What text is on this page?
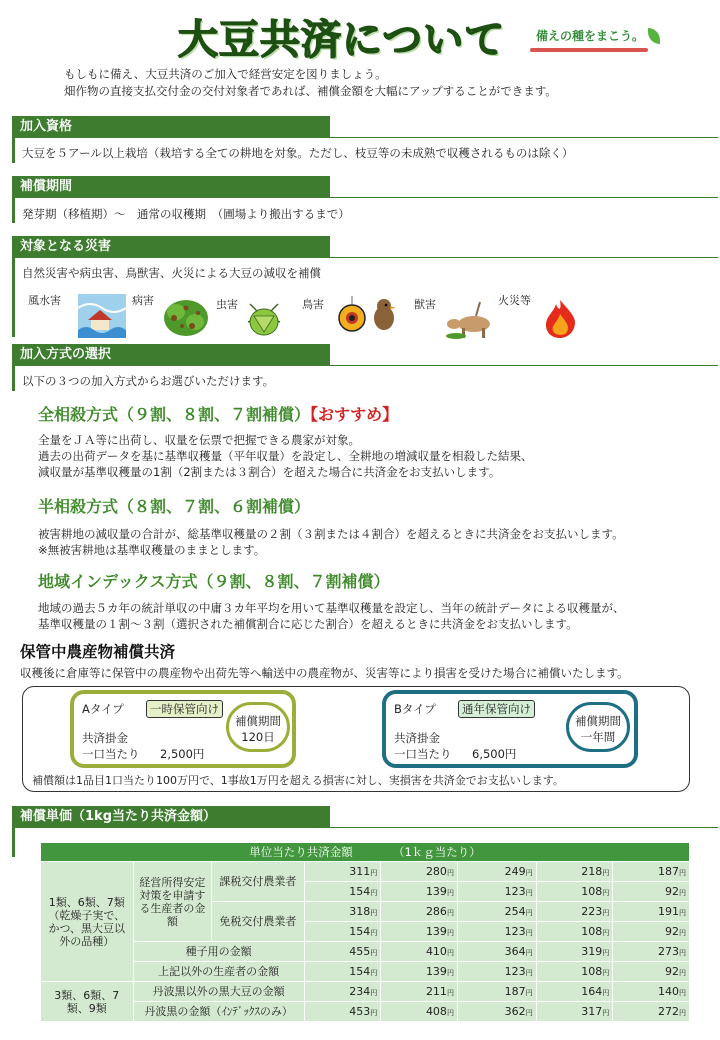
大豆共済について	備えの種をまこう。
もしもに備え、大豆共済のご加入で経営安定を図りましょう。
畑作物の直接支払交付金の交付対象者であれば、補償金額を大幅にアップすることができます。
加入資格
大豆を５アール以上栽培（栽培する全ての耕地を対象。ただし、枝豆等の未成熟で収穫されるものは除く）
補償期間
発芽期（移植期）～　通常の収穫期　（圃場より搬出するまで）
対象となる災害
自然災害や病虫害、鳥獣害、火災による大豆の減収を補償
風水害	病害	虫害	鳥害	獣害	火災等
加入方式の選択
以下の３つの加入方式からお選びいただけます。
全相殺方式（９割、８割、７割補償）【おすすめ】
全量をＪＡ等に出荷し、収量を伝票で把握できる農家が対象。
過去の出荷データを基に基準収穫量（平年収量）を設定し、全耕地の増減収量を相殺した結果、
減収量が基準収穫量の1割（2割または３割合）を超えた場合に共済金をお支払いします。
半相殺方式（８割、７割、６割補償）
被害耕地の減収量の合計が、総基準収穫量の２割（３割または４割合）を超えるときに共済金をお支払いします。
※無被害耕地は基準収穫量のままとします。
地域インデックス方式（９割、８割、７割補償）
地域の過去５カ年の統計単収の中庸３カ年平均を用いて基準収穫量を設定し、当年の統計データによる収穫量が、
基準収穫量の１割～３割（選択された補償割合に応じた割合）を超えるときに共済金をお支払いします。
保管中農産物補償共済
収穫後に倉庫等に保管中の農産物や出荷先等へ輸送中の農産物が、災害等により損害を受けた場合に補償いたします。
Aタイプ	一時保管向け
共済掛金
一口当たり 2,500円
補償期間
120日
Bタイプ	通年保管向け
共済掛金
一口当たり 6,500円
補償期間
一年間
補償額は1品目1口当たり100万円で、1事故1万円を超える損害に対し、実損害を共済金でお支払いします。
補償単価（1kg当たり共済金額）
単位当たり共済金額　　　　（1ｋｇ当たり）							
1類、6類、7類（乾燥子実で、かつ、黒大豆以外の品種）	経営所得安定対策を申請する生産者の金額	課税交付農業者	311円	280円	249円	218円	187円
			154円	139円	123円	108円	92円
		免税交付農業者	318円	286円	254円	223円	191円
			154円	139円	123円	108円	92円
	種子用の金額		455円	410円	364円	319円	273円
	上記以外の生産者の金額		154円	139円	123円	108円	92円
3類、6類、7類、9類	丹波黒以外の黒大豆の金額		234円	211円	187円	164円	140円
	丹波黒の金額（ｲﾝﾃﾞｯｸｽのみ）		453円	408円	362円	317円	272円
